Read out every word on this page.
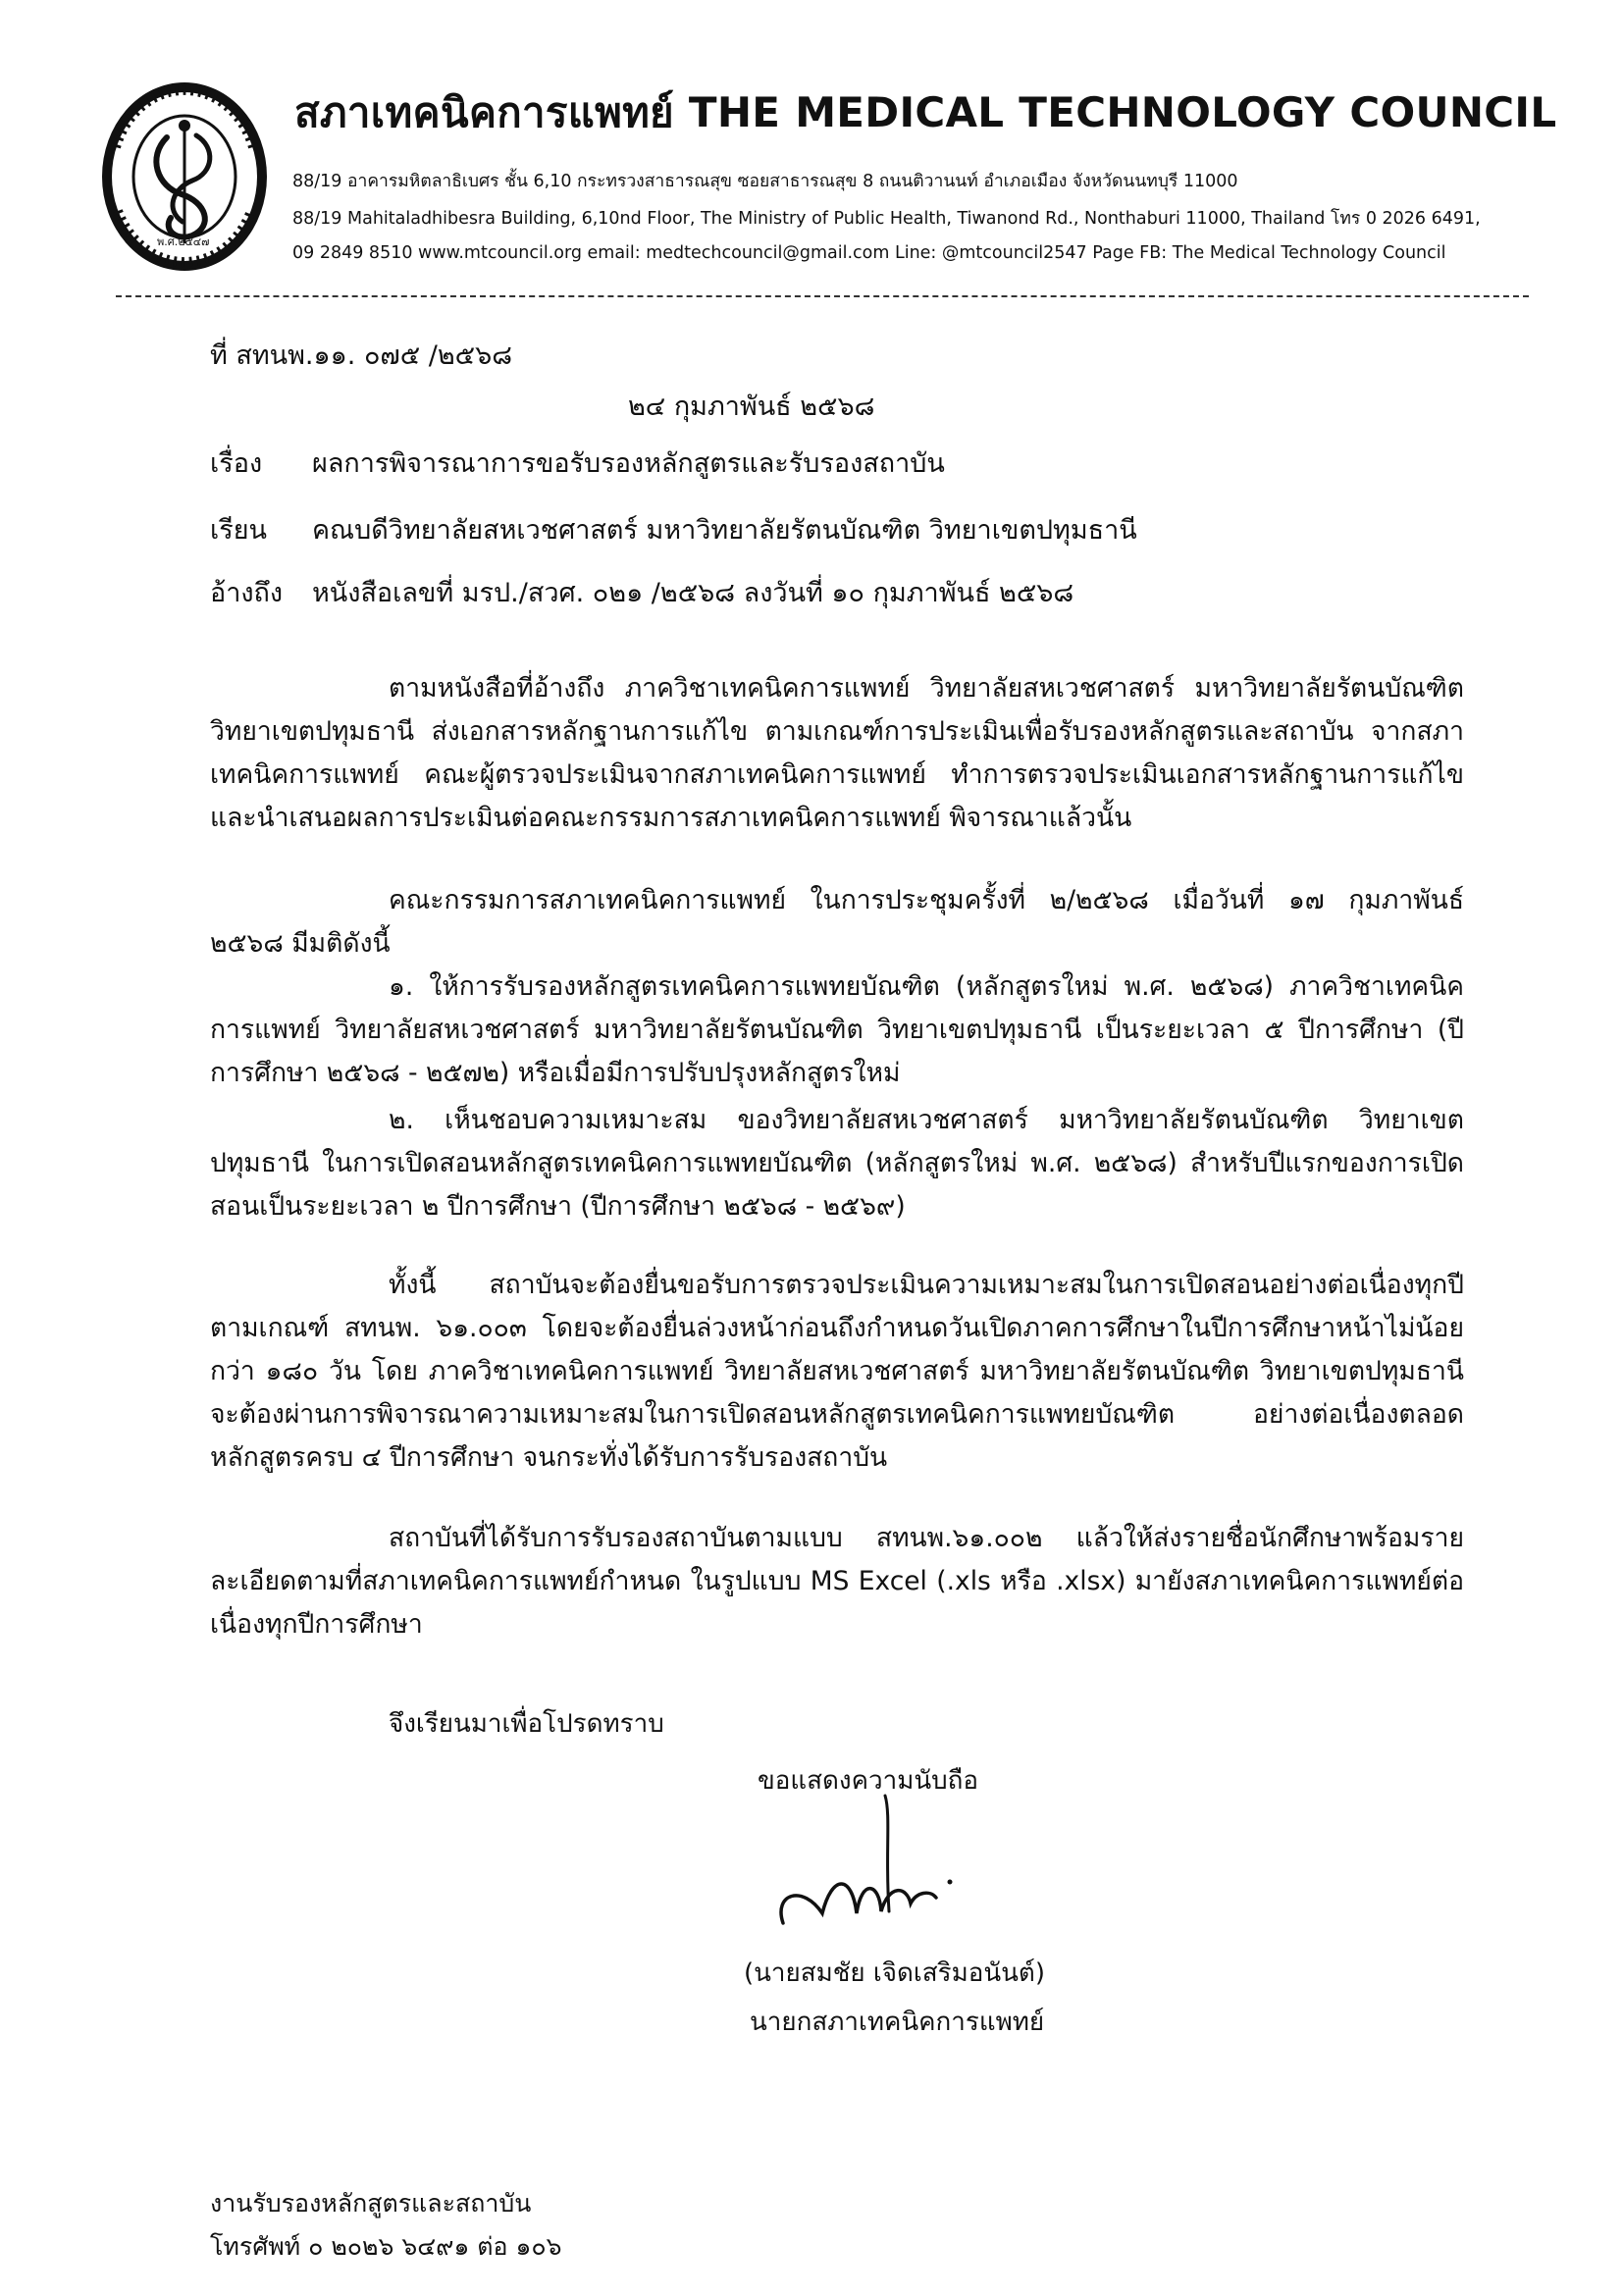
พ.ศ.๒๕๔๗
สภาเทคนิคการแพทย์ THE MEDICAL TECHNOLOGY COUNCIL
88/19 อาคารมหิตลาธิเบศร ชั้น 6,10 กระทรวงสาธารณสุข ซอยสาธารณสุข 8 ถนนติวานนท์ อำเภอเมือง จังหวัดนนทบุรี 11000
88/19 Mahitaladhibesra Building, 6,10nd Floor, The Ministry of Public Health, Tiwanond Rd., Nonthaburi 11000, Thailand โทร 0 2026 6491,
09 2849 8510 www.mtcouncil.org email: medtechcouncil@gmail.com Line: @mtcouncil2547 Page FB: The Medical Technology Council
ที่ สทนพ.๑๑. ๐๗๕ /๒๕๖๘
๒๔ กุมภาพันธ์ ๒๕๖๘
เรื่อง ผลการพิจารณาการขอรับรองหลักสูตรและรับรองสถาบัน
เรียน คณบดีวิทยาลัยสหเวชศาสตร์ มหาวิทยาลัยรัตนบัณฑิต วิทยาเขตปทุมธานี
อ้างถึง หนังสือเลขที่ มรป./สวศ. ๐๒๑ /๒๕๖๘ ลงวันที่ ๑๐ กุมภาพันธ์ ๒๕๖๘
ตามหนังสือที่อ้างถึง ภาควิชาเทคนิคการแพทย์ วิทยาลัยสหเวชศาสตร์ มหาวิทยาลัยรัตนบัณฑิต วิทยาเขตปทุมธานี ส่งเอกสารหลักฐานการแก้ไข ตามเกณฑ์การประเมินเพื่อรับรองหลักสูตรและสถาบัน จากสภาเทคนิคการแพทย์ คณะผู้ตรวจประเมินจากสภาเทคนิคการแพทย์ ทำการตรวจประเมินเอกสารหลักฐานการแก้ไข และนำเสนอผลการประเมินต่อคณะกรรมการสภาเทคนิคการแพทย์ พิจารณาแล้วนั้น
คณะกรรมการสภาเทคนิคการแพทย์ ในการประชุมครั้งที่ ๒/๒๕๖๘ เมื่อวันที่ ๑๗ กุมภาพันธ์ ๒๕๖๘ มีมติดังนี้
๑. ให้การรับรองหลักสูตรเทคนิคการแพทยบัณฑิต (หลักสูตรใหม่ พ.ศ. ๒๕๖๘) ภาควิชาเทคนิคการแพทย์ วิทยาลัยสหเวชศาสตร์ มหาวิทยาลัยรัตนบัณฑิต วิทยาเขตปทุมธานี เป็นระยะเวลา ๕ ปีการศึกษา (ปีการศึกษา ๒๕๖๘ - ๒๕๗๒) หรือเมื่อมีการปรับปรุงหลักสูตรใหม่
๒. เห็นชอบความเหมาะสม ของวิทยาลัยสหเวชศาสตร์ มหาวิทยาลัยรัตนบัณฑิต วิทยาเขตปทุมธานี ในการเปิดสอนหลักสูตรเทคนิคการแพทยบัณฑิต (หลักสูตรใหม่ พ.ศ. ๒๕๖๘) สำหรับปีแรกของการเปิดสอนเป็นระยะเวลา ๒ ปีการศึกษา (ปีการศึกษา ๒๕๖๘ - ๒๕๖๙)
ทั้งนี้ สถาบันจะต้องยื่นขอรับการตรวจประเมินความเหมาะสมในการเปิดสอนอย่างต่อเนื่องทุกปีตามเกณฑ์ สทนพ. ๖๑.๐๐๓ โดยจะต้องยื่นล่วงหน้าก่อนถึงกำหนดวันเปิดภาคการศึกษาในปีการศึกษาหน้าไม่น้อยกว่า ๑๘๐ วัน โดย ภาควิชาเทคนิคการแพทย์ วิทยาลัยสหเวชศาสตร์ มหาวิทยาลัยรัตนบัณฑิต วิทยาเขตปทุมธานี จะต้องผ่านการพิจารณาความเหมาะสมในการเปิดสอนหลักสูตรเทคนิคการแพทยบัณฑิต อย่างต่อเนื่องตลอดหลักสูตรครบ ๔ ปีการศึกษา จนกระทั่งได้รับการรับรองสถาบัน
สถาบันที่ได้รับการรับรองสถาบันตามแบบ สทนพ.๖๑.๐๐๒ แล้วให้ส่งรายชื่อนักศึกษาพร้อมรายละเอียดตามที่สภาเทคนิคการแพทย์กำหนด ในรูปแบบ MS Excel (.xls หรือ .xlsx) มายังสภาเทคนิคการแพทย์ต่อเนื่องทุกปีการศึกษา
จึงเรียนมาเพื่อโปรดทราบ
ขอแสดงความนับถือ
(นายสมชัย เจิดเสริมอนันต์)
นายกสภาเทคนิคการแพทย์
งานรับรองหลักสูตรและสถาบัน
โทรศัพท์ ๐ ๒๐๒๖ ๖๔๙๑ ต่อ ๑๐๖
